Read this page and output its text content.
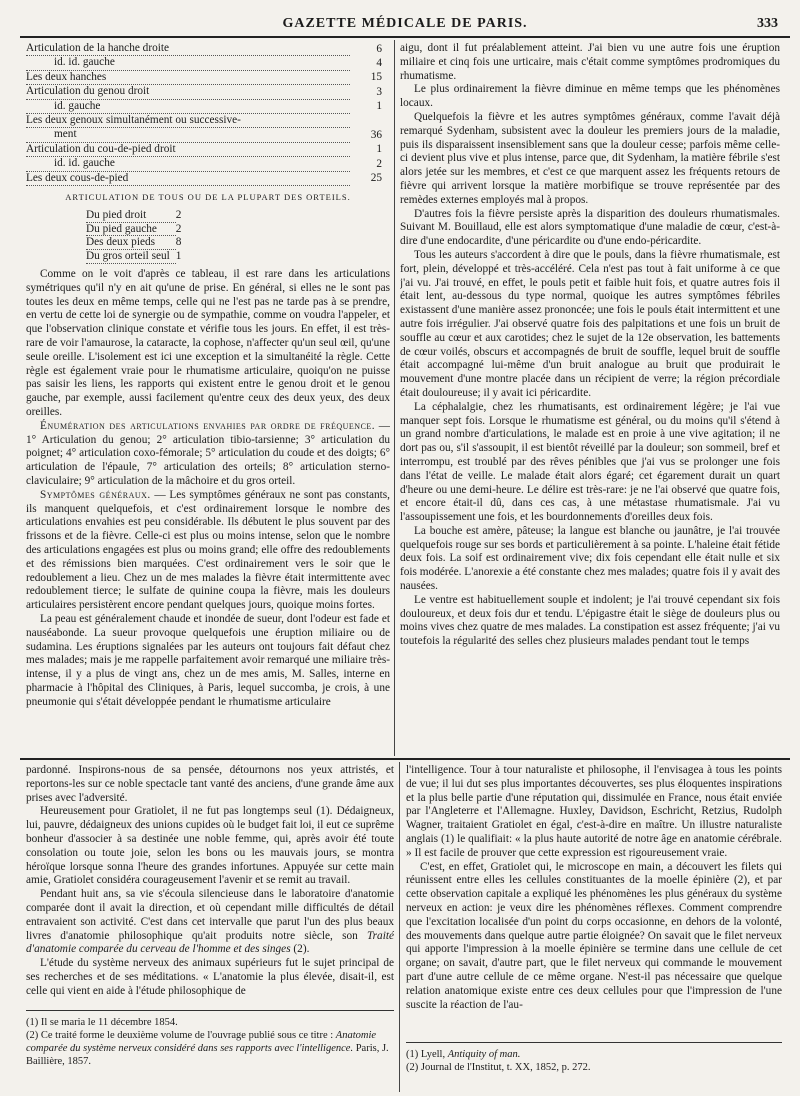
GAZETTE MÉDICALE DE PARIS.	333
Articulation de la hanche droite	6
id. id. gauche	4
Les deux hanches	15
Articulation du genou droit	3
id. gauche	1
Les deux genoux simultanément ou successive-	
ment	36
Articulation du cou-de-pied droit	1
id. id. gauche	2
Les deux cous-de-pied	25
ARTICULATION DE TOUS OU DE LA PLUPART DES ORTEILS.
Du pied droit	2
Du pied gauche	2
Des deux pieds	8
Du gros orteil seul	1

Comme on le voit d'après ce tableau, il est rare dans les articulations symétriques qu'il n'y en ait qu'une de prise. En général, si elles ne le sont pas toutes les deux en même temps, celle qui ne l'est pas ne tarde pas à se prendre, en vertu de cette loi de synergie ou de sympathie, comme on voudra l'appeler, et que l'observation clinique constate et vérifie tous les jours. En effet, il est très-rare de voir l'amaurose, la cataracte, la cophose, n'affecter qu'un seul œil, qu'une seule oreille. L'isolement est ici une exception et la simultanéité la règle. Cette règle est également vraie pour le rhumatisme articulaire, quoiqu'on ne puisse pas saisir les liens, les rapports qui existent entre le genou droit et le genou gauche, par exemple, aussi facilement qu'entre ceux des deux yeux, des deux oreilles.

Énumération des articulations envahies par ordre de fréquence. — 1° Articulation du genou; 2° articulation tibio-tarsienne; 3° articulation du poignet; 4° articulation coxo-fémorale; 5° articulation du coude et des doigts; 6° articulation de l'épaule, 7° articulation des orteils; 8° articulation sterno-claviculaire; 9° articulation de la mâchoire et du gros orteil.

Symptômes généraux. — Les symptômes généraux ne sont pas constants, ils manquent quelquefois, et c'est ordinairement lorsque le nombre des articulations envahies est peu considérable. Ils débutent le plus souvent par des frissons et de la fièvre. Celle-ci est plus ou moins intense, selon que le nombre des articulations engagées est plus ou moins grand; elle offre des redoublements et des rémissions bien marquées. C'est ordinairement vers le soir que le redoublement a lieu. Chez un de mes malades la fièvre était intermittente avec redoublement tierce; le sulfate de quinine coupa la fièvre, mais les douleurs articulaires persistèrent encore pendant quelques jours, quoique moins fortes.

La peau est généralement chaude et inondée de sueur, dont l'odeur est fade et nauséabonde. La sueur provoque quelquefois une éruption miliaire ou de sudamina. Les éruptions signalées par les auteurs ont toujours fait défaut chez mes malades; mais je me rappelle parfaitement avoir remarqué une miliaire très-intense, il y a plus de vingt ans, chez un de mes amis, M. Salles, interne en pharmacie à l'hôpital des Cliniques, à Paris, lequel succomba, je crois, à une pneumonie qui s'était développée pendant le rhumatisme articulaire

aigu, dont il fut préalablement atteint. J'ai bien vu une autre fois une éruption miliaire et cinq fois une urticaire, mais c'était comme symptômes prodromiques du rhumatisme.

Le plus ordinairement la fièvre diminue en même temps que les phénomènes locaux.

Quelquefois la fièvre et les autres symptômes généraux, comme l'avait déjà remarqué Sydenham, subsistent avec la douleur les premiers jours de la maladie, puis ils disparaissent insensiblement sans que la douleur cesse; parfois même celle-ci devient plus vive et plus intense, parce que, dit Sydenham, la matière fébrile s'est alors jetée sur les membres, et c'est ce que marquent assez les fréquents retours de fièvre qui arrivent lorsque la matière morbifique se trouve représentée par des remèdes externes employés mal à propos.

D'autres fois la fièvre persiste après la disparition des douleurs rhumatismales. Suivant M. Bouillaud, elle est alors symptomatique d'une maladie de cœur, c'est-à-dire d'une endocardite, d'une péricardite ou d'une endo-péricardite.

Tous les auteurs s'accordent à dire que le pouls, dans la fièvre rhumatismale, est fort, plein, développé et très-accéléré. Cela n'est pas tout à fait uniforme à ce que j'ai vu. J'ai trouvé, en effet, le pouls petit et faible huit fois, et quatre autres fois il était lent, au-dessous du type normal, quoique les autres symptômes fébriles existassent d'une manière assez prononcée; une fois le pouls était intermittent et une autre fois irrégulier. J'ai observé quatre fois des palpitations et une fois un bruit de souffle au cœur et aux carotides; chez le sujet de la 12e observation, les battements de cœur voilés, obscurs et accompagnés de bruit de souffle, lequel bruit de souffle était accompagné lui-même d'un bruit analogue au bruit que produirait le mouvement d'une montre placée dans un récipient de verre; la région précordiale était douloureuse; il y avait ici péricardite.

La céphalalgie, chez les rhumatisants, est ordinairement légère; je l'ai vue manquer sept fois. Lorsque le rhumatisme est général, ou du moins qu'il s'étend à un grand nombre d'articulations, le malade est en proie à une vive agitation; il ne dort pas ou, s'il s'assoupit, il est bientôt réveillé par la douleur; son sommeil, bref et interrompu, est troublé par des rêves pénibles que j'ai vus se prolonger une fois dans l'état de veille. Le malade était alors égaré; cet égarement durait un quart d'heure ou une demi-heure. Le délire est très-rare: je ne l'ai observé que quatre fois, et encore était-il dû, dans ces cas, à une métastase rhumatismale. J'ai vu l'assoupissement une fois, et les bourdonnements d'oreilles deux fois.

La bouche est amère, pâteuse; la langue est blanche ou jaunâtre, je l'ai trouvée quelquefois rouge sur ses bords et particulièrement à sa pointe. L'haleine était fétide deux fois. La soif est ordinairement vive; dix fois cependant elle était nulle et six fois modérée. L'anorexie a été constante chez mes malades; quatre fois il y avait des nausées.

Le ventre est habituellement souple et indolent; je l'ai trouvé cependant six fois douloureux, et deux fois dur et tendu. L'épigastre était le siège de douleurs plus ou moins vives chez quatre de mes malades. La constipation est assez fréquente; j'ai vu toutefois la régularité des selles chez plusieurs malades pendant tout le temps

pardonné. Inspirons-nous de sa pensée, détournons nos yeux attristés, et reportons-les sur ce noble spectacle tant vanté des anciens, d'une grande âme aux prises avec l'adversité.

Heureusement pour Gratiolet, il ne fut pas longtemps seul (1). Dédaigneux, lui, pauvre, dédaigneux des unions cupides où le budget fait loi, il eut ce suprême bonheur d'associer à sa destinée une noble femme, qui, après avoir été toute consolation ou toute joie, selon les bons ou les mauvais jours, se montra héroïque lorsque sonna l'heure des grandes infortunes. Appuyée sur cette main amie, Gratiolet considéra courageusement l'avenir et se remit au travail.

Pendant huit ans, sa vie s'écoula silencieuse dans le laboratoire d'anatomie comparée dont il avait la direction, et où cependant mille difficultés de détail entravaient son activité. C'est dans cet intervalle que parut l'un des plus beaux livres d'anatomie philosophique qu'ait produits notre siècle, son Traité d'anatomie comparée du cerveau de l'homme et des singes (2).

L'étude du système nerveux des animaux supérieurs fut le sujet principal de ses recherches et de ses méditations. « L'anatomie la plus élevée, disait-il, est celle qui vient en aide à l'étude philosophique de

l'intelligence. Tour à tour naturaliste et philosophe, il l'envisagea à tous les points de vue; il lui dut ses plus importantes découvertes, ses plus éloquentes inspirations et la plus belle partie d'une réputation qui, dissimulée en France, nous était enviée par l'Angleterre et l'Allemagne. Huxley, Davidson, Eschricht, Retzius, Rudolph Wagner, traitaient Gratiolet en égal, c'est-à-dire en maître. Un illustre naturaliste anglais (1) le qualifiait: « la plus haute autorité de notre âge en anatomie cérébrale. » Il est facile de prouver que cette expression est rigoureusement vraie.

C'est, en effet, Gratiolet qui, le microscope en main, a découvert les filets qui réunissent entre elles les cellules constituantes de la moelle épinière (2), et par cette observation capitale a expliqué les phénomènes les plus généraux du système nerveux en action: je veux dire les phénomènes réflexes. Comment comprendre que l'excitation localisée d'un point du corps occasionne, en dehors de la volonté, des mouvements dans quelque autre partie éloignée? On savait que le filet nerveux qui apporte l'impression à la moelle épinière se termine dans une cellule de cet organe; on savait, d'autre part, que le filet nerveux qui commande le mouvement part d'une autre cellule de ce même organe. N'est-il pas nécessaire que quelque relation anatomique existe entre ces deux cellules pour que l'impression de l'une suscite la réaction de l'au-

(1) Il se maria le 11 décembre 1854.
(2) Ce traité forme le deuxième volume de l'ouvrage publié sous ce titre : Anatomie comparée du système nerveux considéré dans ses rapports avec l'intelligence. Paris, J. Baillière, 1857.
(1) Lyell, Antiquity of man.
(2) Journal de l'Institut, t. XX, 1852, p. 272.
